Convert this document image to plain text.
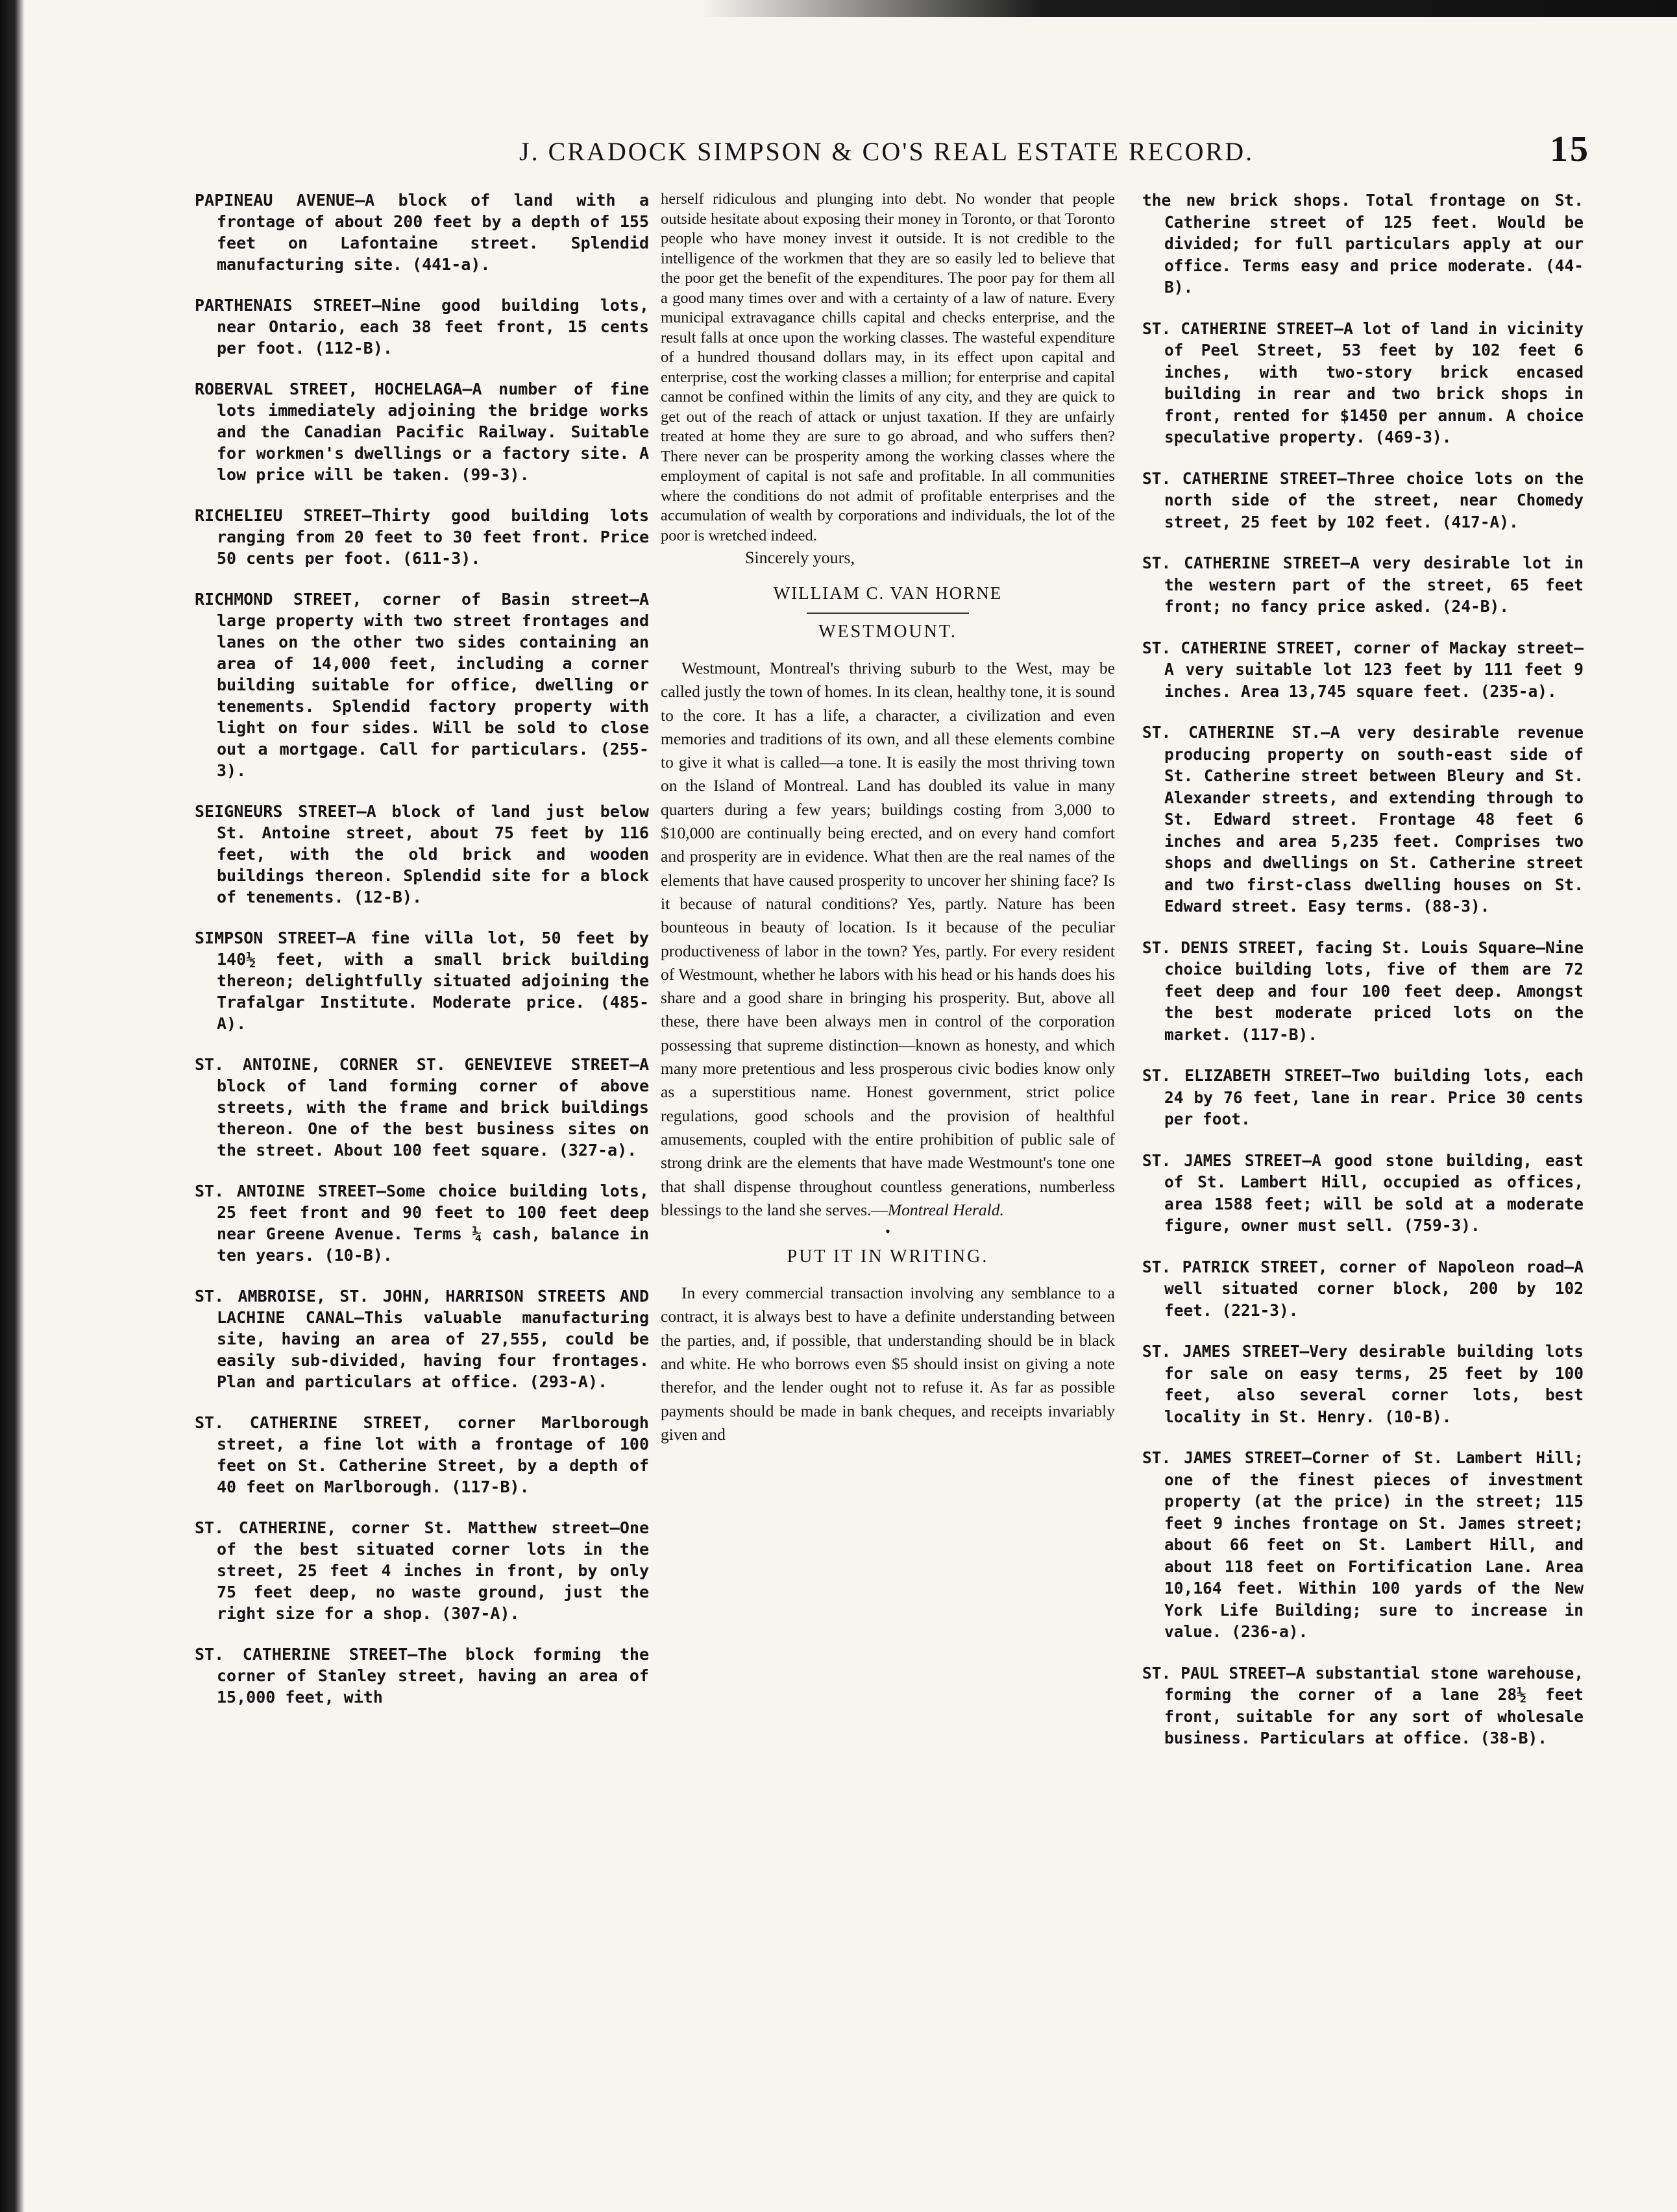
J. CRADOCK SIMPSON & CO'S REAL ESTATE RECORD.	15

PAPINEAU AVENUE—A block of land with a frontage of about 200 feet by a depth of 155 feet on Lafontaine street. Splendid manufacturing site. (441-a).

PARTHENAIS STREET—Nine good building lots, near Ontario, each 38 feet front, 15 cents per foot. (112-B).

ROBERVAL STREET, HOCHELAGA—A number of fine lots immediately adjoining the bridge works and the Canadian Pacific Railway. Suitable for workmen's dwellings or a factory site. A low price will be taken. (99-3).

RICHELIEU STREET—Thirty good building lots ranging from 20 feet to 30 feet front. Price 50 cents per foot. (611-3).

RICHMOND STREET, corner of Basin street—A large property with two street frontages and lanes on the other two sides containing an area of 14,000 feet, including a corner building suitable for office, dwelling or tenements. Splendid factory property with light on four sides. Will be sold to close out a mortgage. Call for particulars. (255-3).

SEIGNEURS STREET—A block of land just below St. Antoine street, about 75 feet by 116 feet, with the old brick and wooden buildings thereon. Splendid site for a block of tenements. (12-B).

SIMPSON STREET—A fine villa lot, 50 feet by 140½ feet, with a small brick building thereon; delightfully situated adjoining the Trafalgar Institute. Moderate price. (485-A).

ST. ANTOINE, CORNER ST. GENEVIEVE STREET—A block of land forming corner of above streets, with the frame and brick buildings thereon. One of the best business sites on the street. About 100 feet square. (327-a).

ST. ANTOINE STREET—Some choice building lots, 25 feet front and 90 feet to 100 feet deep near Greene Avenue. Terms ¼ cash, balance in ten years. (10-B).

ST. AMBROISE, ST. JOHN, HARRISON STREETS AND LACHINE CANAL—This valuable manufacturing site, having an area of 27,555, could be easily sub-divided, having four frontages. Plan and particulars at office. (293-A).

ST. CATHERINE STREET, corner Marlborough street, a fine lot with a frontage of 100 feet on St. Catherine Street, by a depth of 40 feet on Marlborough. (117-B).

ST. CATHERINE, corner St. Matthew street—One of the best situated corner lots in the street, 25 feet 4 inches in front, by only 75 feet deep, no waste ground, just the right size for a shop. (307-A).

ST. CATHERINE STREET—The block forming the corner of Stanley street, having an area of 15,000 feet, with

herself ridiculous and plunging into debt. No wonder that people outside hesitate about exposing their money in Toronto, or that Toronto people who have money invest it outside. It is not credible to the intelligence of the workmen that they are so easily led to believe that the poor get the benefit of the expenditures. The poor pay for them all a good many times over and with a certainty of a law of nature. Every municipal extravagance chills capital and checks enterprise, and the result falls at once upon the working classes. The wasteful expenditure of a hundred thousand dollars may, in its effect upon capital and enterprise, cost the working classes a million; for enterprise and capital cannot be confined within the limits of any city, and they are quick to get out of the reach of attack or unjust taxation. If they are unfairly treated at home they are sure to go abroad, and who suffers then? There never can be prosperity among the working classes where the employment of capital is not safe and profitable. In all communities where the conditions do not admit of profitable enterprises and the accumulation of wealth by corporations and individuals, the lot of the poor is wretched indeed.

Sincerely yours,

WILLIAM C. VAN HORNE

WESTMOUNT.

Westmount, Montreal's thriving suburb to the West, may be called justly the town of homes. In its clean, healthy tone, it is sound to the core. It has a life, a character, a civilization and even memories and traditions of its own, and all these elements combine to give it what is called—a tone. It is easily the most thriving town on the Island of Montreal. Land has doubled its value in many quarters during a few years; buildings costing from 3,000 to $10,000 are continually being erected, and on every hand comfort and prosperity are in evidence. What then are the real names of the elements that have caused prosperity to uncover her shining face? Is it because of natural conditions? Yes, partly. Nature has been bounteous in beauty of location. Is it because of the peculiar productiveness of labor in the town? Yes, partly. For every resident of Westmount, whether he labors with his head or his hands does his share and a good share in bringing his prosperity. But, above all these, there have been always men in control of the corporation possessing that supreme distinction—known as honesty, and which many more pretentious and less prosperous civic bodies know only as a superstitious name. Honest government, strict police regulations, good schools and the provision of healthful amusements, coupled with the entire prohibition of public sale of strong drink are the elements that have made Westmount's tone one that shall dispense throughout countless generations, numberless blessings to the land she serves.—Montreal Herald.

•

PUT IT IN WRITING.

In every commercial transaction involving any semblance to a contract, it is always best to have a definite understanding between the parties, and, if possible, that understanding should be in black and white. He who borrows even $5 should insist on giving a note therefor, and the lender ought not to refuse it. As far as possible payments should be made in bank cheques, and receipts invariably given and

the new brick shops. Total frontage on St. Catherine street of 125 feet. Would be divided; for full particulars apply at our office. Terms easy and price moderate. (44-B).

ST. CATHERINE STREET—A lot of land in vicinity of Peel Street, 53 feet by 102 feet 6 inches, with two-story brick encased building in rear and two brick shops in front, rented for $1450 per annum. A choice speculative property. (469-3).

ST. CATHERINE STREET—Three choice lots on the north side of the street, near Chomedy street, 25 feet by 102 feet. (417-A).

ST. CATHERINE STREET—A very desirable lot in the western part of the street, 65 feet front; no fancy price asked. (24-B).

ST. CATHERINE STREET, corner of Mackay street—A very suitable lot 123 feet by 111 feet 9 inches. Area 13,745 square feet. (235-a).

ST. CATHERINE ST.—A very desirable revenue producing property on south-east side of St. Catherine street between Bleury and St. Alexander streets, and extending through to St. Edward street. Frontage 48 feet 6 inches and area 5,235 feet. Comprises two shops and dwellings on St. Catherine street and two first-class dwelling houses on St. Edward street. Easy terms. (88-3).

ST. DENIS STREET, facing St. Louis Square—Nine choice building lots, five of them are 72 feet deep and four 100 feet deep. Amongst the best moderate priced lots on the market. (117-B).

ST. ELIZABETH STREET—Two building lots, each 24 by 76 feet, lane in rear. Price 30 cents per foot.

ST. JAMES STREET—A good stone building, east of St. Lambert Hill, occupied as offices, area 1588 feet; will be sold at a moderate figure, owner must sell. (759-3).

ST. PATRICK STREET, corner of Napoleon road—A well situated corner block, 200 by 102 feet. (221-3).

ST. JAMES STREET—Very desirable building lots for sale on easy terms, 25 feet by 100 feet, also several corner lots, best locality in St. Henry. (10-B).

ST. JAMES STREET—Corner of St. Lambert Hill; one of the finest pieces of investment property (at the price) in the street; 115 feet 9 inches frontage on St. James street; about 66 feet on St. Lambert Hill, and about 118 feet on Fortification Lane. Area 10,164 feet. Within 100 yards of the New York Life Building; sure to increase in value. (236-a).

ST. PAUL STREET—A substantial stone warehouse, forming the corner of a lane 28½ feet front, suitable for any sort of wholesale business. Particulars at office. (38-B).
